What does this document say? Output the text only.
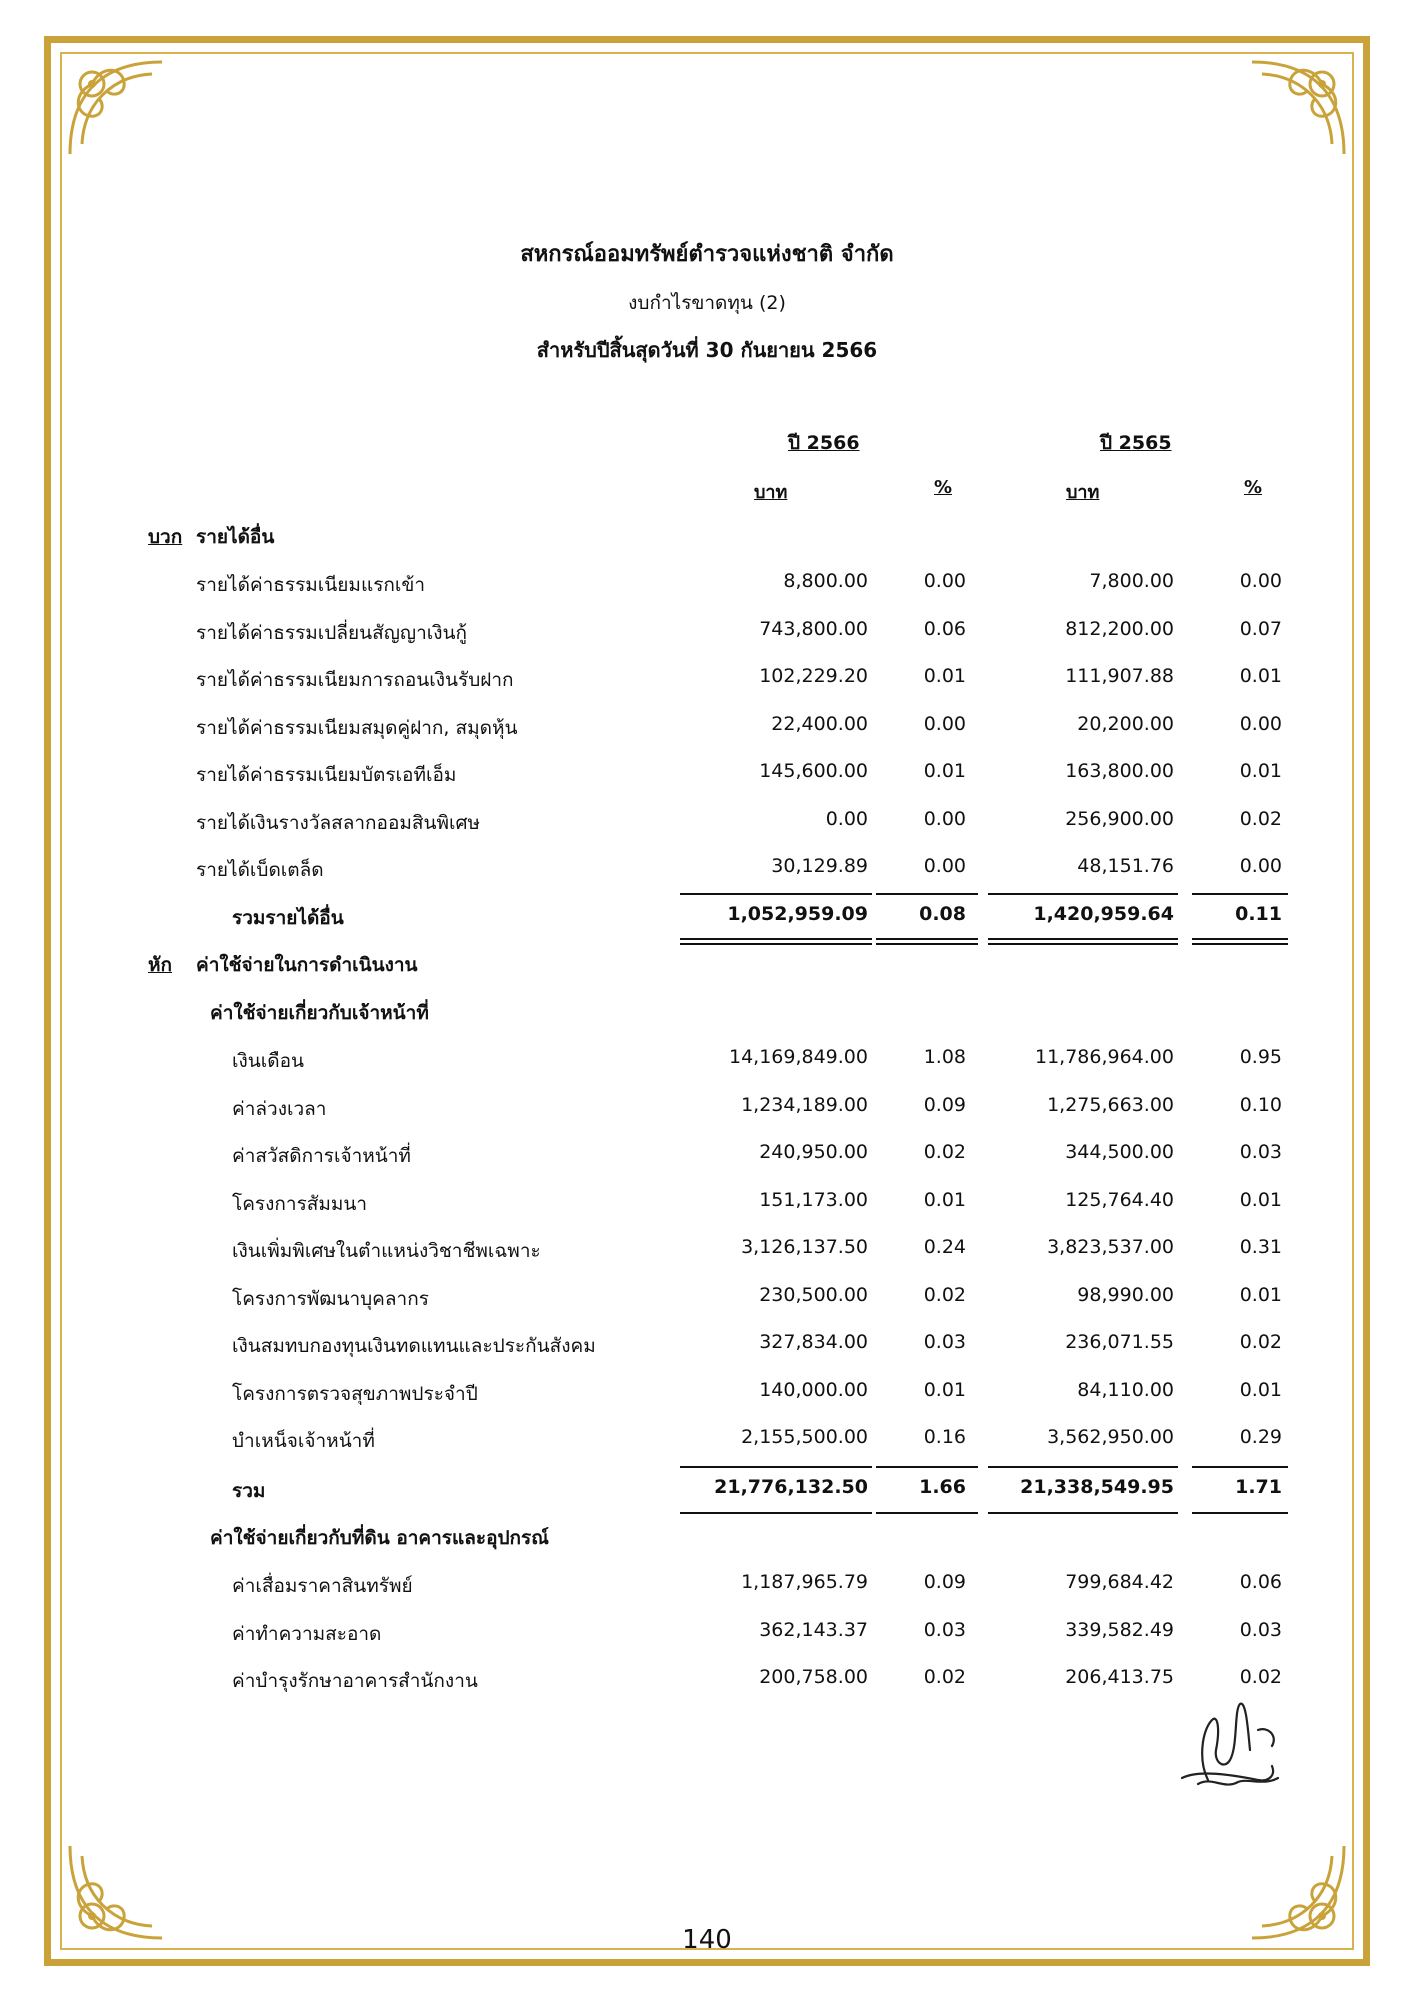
สหกรณ์ออมทรัพย์ตำรวจแห่งชาติ จำกัด
งบกำไรขาดทุน (2)
สำหรับปีสิ้นสุดวันที่ 30 กันยายน 2566
ปี 2566	ปี 2565
บาท	%	บาท	%
บวก รายได้อื่น
รายได้ค่าธรรมเนียมแรกเข้า	8,800.00	0.00	7,800.00	0.00
รายได้ค่าธรรมเปลี่ยนสัญญาเงินกู้	743,800.00	0.06	812,200.00	0.07
รายได้ค่าธรรมเนียมการถอนเงินรับฝาก	102,229.20	0.01	111,907.88	0.01
รายได้ค่าธรรมเนียมสมุดคู่ฝาก, สมุดหุ้น	22,400.00	0.00	20,200.00	0.00
รายได้ค่าธรรมเนียมบัตรเอทีเอ็ม	145,600.00	0.01	163,800.00	0.01
รายได้เงินรางวัลสลากออมสินพิเศษ	0.00	0.00	256,900.00	0.02
รายได้เบ็ดเตล็ด	30,129.89	0.00	48,151.76	0.00
รวมรายได้อื่น	1,052,959.09	0.08	1,420,959.64	0.11
หัก ค่าใช้จ่ายในการดำเนินงาน
ค่าใช้จ่ายเกี่ยวกับเจ้าหน้าที่
เงินเดือน	14,169,849.00	1.08	11,786,964.00	0.95
ค่าล่วงเวลา	1,234,189.00	0.09	1,275,663.00	0.10
ค่าสวัสดิการเจ้าหน้าที่	240,950.00	0.02	344,500.00	0.03
โครงการสัมมนา	151,173.00	0.01	125,764.40	0.01
เงินเพิ่มพิเศษในตำแหน่งวิชาชีพเฉพาะ	3,126,137.50	0.24	3,823,537.00	0.31
โครงการพัฒนาบุคลากร	230,500.00	0.02	98,990.00	0.01
เงินสมทบกองทุนเงินทดแทนและประกันสังคม	327,834.00	0.03	236,071.55	0.02
โครงการตรวจสุขภาพประจำปี	140,000.00	0.01	84,110.00	0.01
บำเหน็จเจ้าหน้าที่	2,155,500.00	0.16	3,562,950.00	0.29
รวม	21,776,132.50	1.66	21,338,549.95	1.71
ค่าใช้จ่ายเกี่ยวกับที่ดิน อาคารและอุปกรณ์
ค่าเสื่อมราคาสินทรัพย์	1,187,965.79	0.09	799,684.42	0.06
ค่าทำความสะอาด	362,143.37	0.03	339,582.49	0.03
ค่าบำรุงรักษาอาคารสำนักงาน	200,758.00	0.02	206,413.75	0.02
140
